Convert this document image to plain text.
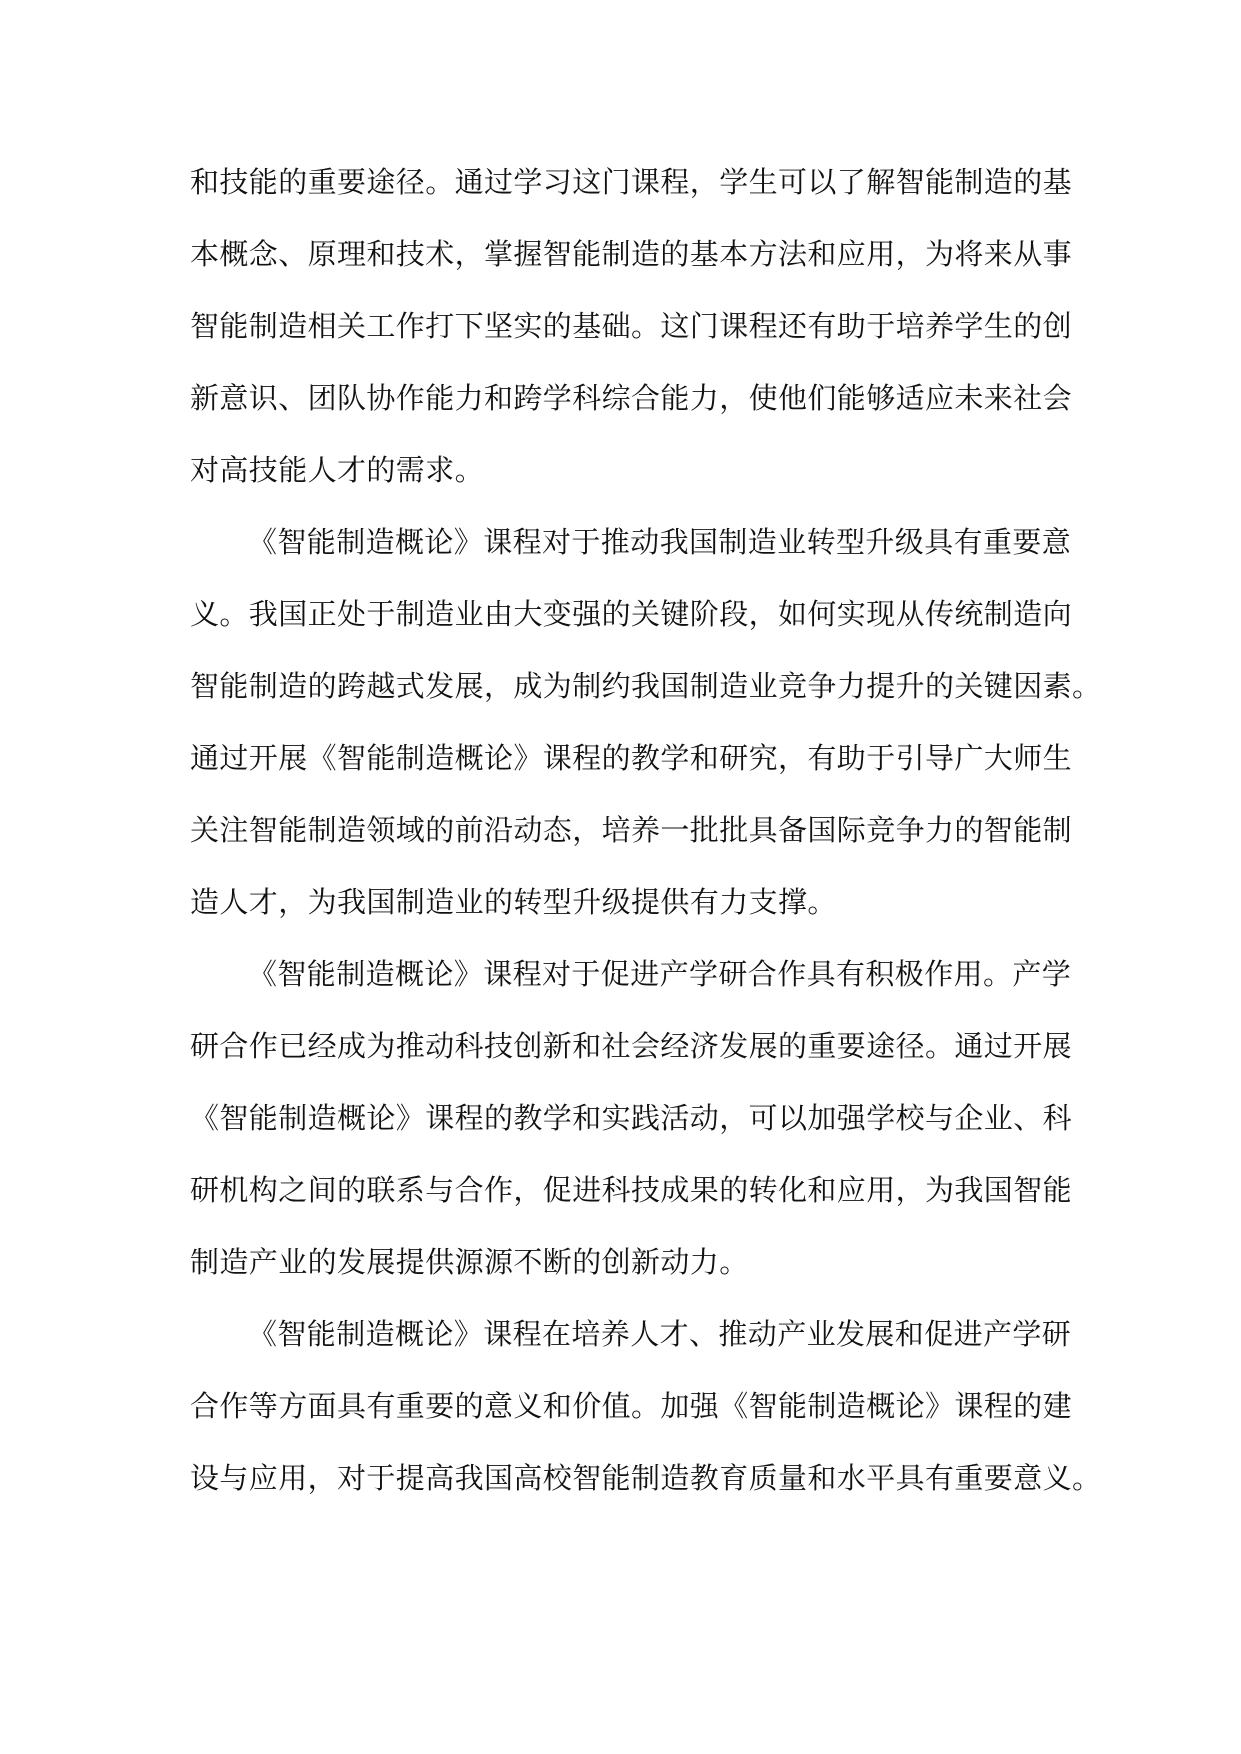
和技能的重要途径。通过学习这门课程，学生可以了解智能制造的基
本概念、原理和技术，掌握智能制造的基本方法和应用，为将来从事
智能制造相关工作打下坚实的基础。这门课程还有助于培养学生的创
新意识、团队协作能力和跨学科综合能力，使他们能够适应未来社会
对高技能人才的需求。
《智能制造概论》课程对于推动我国制造业转型升级具有重要意
义。我国正处于制造业由大变强的关键阶段，如何实现从传统制造向
智能制造的跨越式发展，成为制约我国制造业竞争力提升的关键因素。
通过开展《智能制造概论》课程的教学和研究，有助于引导广大师生
关注智能制造领域的前沿动态，培养一批批具备国际竞争力的智能制
造人才，为我国制造业的转型升级提供有力支撑。
《智能制造概论》课程对于促进产学研合作具有积极作用。产学
研合作已经成为推动科技创新和社会经济发展的重要途径。通过开展
《智能制造概论》课程的教学和实践活动，可以加强学校与企业、科
研机构之间的联系与合作，促进科技成果的转化和应用，为我国智能
制造产业的发展提供源源不断的创新动力。
《智能制造概论》课程在培养人才、推动产业发展和促进产学研
合作等方面具有重要的意义和价值。加强《智能制造概论》课程的建
设与应用，对于提高我国高校智能制造教育质量和水平具有重要意义。
